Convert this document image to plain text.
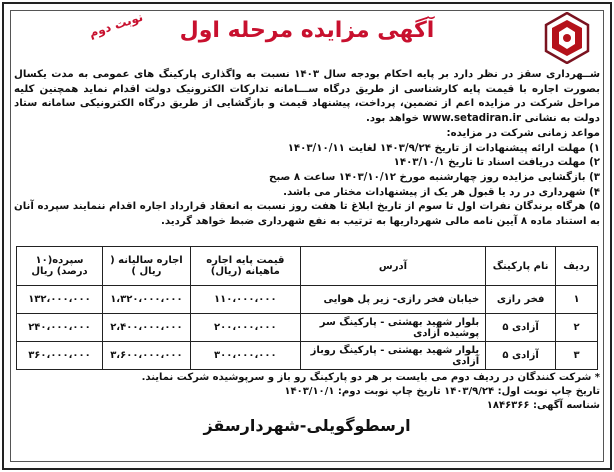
نوبت دوم	آگهی مزایده مرحله اول

شــهرداری سقز در نظر دارد بر پایه احکام بودجه سال ۱۴۰۳ نسبت به واگذاری پارکینگ های عمومی به مدت یکسال بصورت اجاره با قیمت پایه کارشناسی از طریق درگاه ســـامانه تداركات الکترونیک دولت اقدام نماید همچنین کلیه مراحل شرکت در مزایده اعم از تضمین، پرداخت، پیشنهاد قیمت و بازگشایی از طریق درگاه الکترونیکی سامانه ستاد دولت به نشانی www.setadiran.ir خواهد بود.

مواعد زمانی شرکت در مزایده:

۱) مهلت ارائه پیشنهادات از تاریخ ۱۴۰۳/۹/۲۴ لغایت ۱۴۰۳/۱۰/۱۱

۲) مهلت دریافت اسناد تا تاریخ ۱۴۰۳/۱۰/۱

۳) بازگشایی مزایده روز چهارشنبه مورخ ۱۴۰۳/۱۰/۱۲ ساعت ۸ صبح

۴) شهرداری در رد یا قبول هر یک از پیشنهادات مختار می باشد.

۵) هرگاه برندگان نفرات اول تا سوم از تاریخ ابلاغ تا هفت روز نسبت به انعقاد قرارداد اجاره اقدام ننمایند سپرده آنان به استناد ماده ۸ آیین نامه مالی شهرداریها به ترتیب به نفع شهرداری ضبط خواهد گردید.

ردیف	نام پارکینگ	آدرس	قیمت پایه اجاره ماهیانه (ریال)	اجاره سالیانه ( ریال )	سپرده(۱۰ درصد) ریال
۱	فخر رازی	خیابان فخر رازی- زیر پل هوایی	۱۱۰،۰۰۰،۰۰۰	۱،۳۲۰،۰۰۰،۰۰۰	۱۳۲،۰۰۰،۰۰۰
۲	آزادی ۵	بلوار شهید بهشتی - پارکینگ سر پوشیده آزادی	۲۰۰،۰۰۰،۰۰۰	۲،۴۰۰،۰۰۰،۰۰۰	۲۴۰،۰۰۰،۰۰۰
۳	آزادی ۵	بلوار شهید بهشتی - پارکینگ روباز آزادی	۳۰۰،۰۰۰،۰۰۰	۳،۶۰۰،۰۰۰،۰۰۰	۳۶۰،۰۰۰،۰۰۰

* شرکت کنندگان در ردیف دوم می بایست بر هر دو پارکینگ رو باز و سرپوشیده شرکت نمایند.

تاریخ چاپ نوبت اول: ۱۴۰۳/۹/۲۴ تاریخ چاپ نوبت دوم: ۱۴۰۳/۱۰/۱

شناسه آگهی: ۱۸۴۶۳۶۶

ارسطوگویلی-شهردارسقز
